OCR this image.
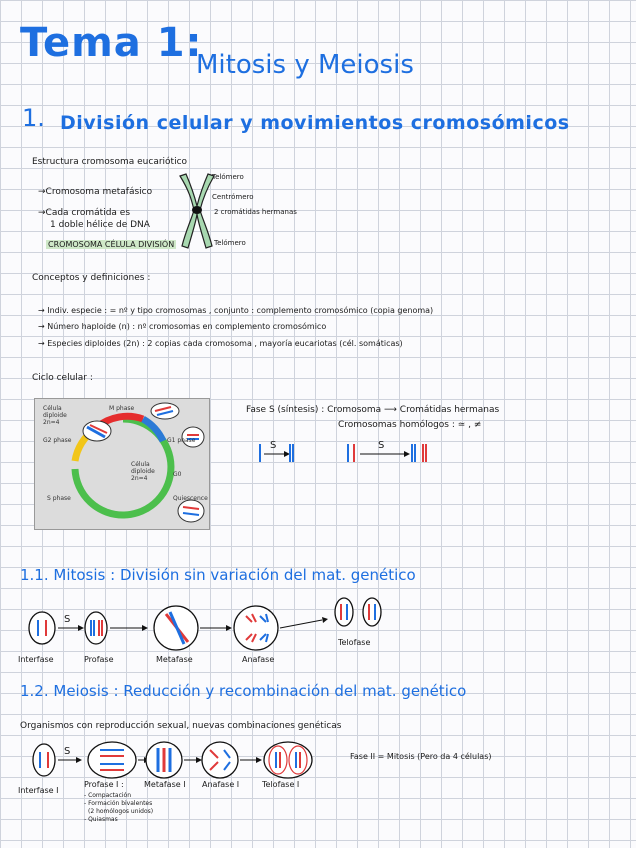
Tema 1:
Mitosis y Meiosis
1. División celular y movimientos cromosómicos
Estructura cromosoma eucariótico
→Cromosoma metafásico
→Cada cromátida es
1 doble hélice de DNA
CROMOSOMA CÉLULA DIVISIÓN
Telómero
Centrómero
2 cromátidas hermanas
Telómero
Conceptos y definiciones :
→ Indiv. especie : = nº y tipo cromosomas , conjunto : complemento cromosómico (copia genoma)
→ Número haploide (n) : nº cromosomas en complemento cromosómico
→ Especies diploides (2n) : 2 copias cada cromosoma , mayoría eucariotas (cél. somáticas)
Ciclo celular :
Célula
diploide
2n=4
M phase
G2 phase	G1 phase
Célula
diploide
2n=4
G0
S phase	Quiescence
Fase S (síntesis) : Cromosoma ⟶ Cromátidas hermanas
Cromosomas homólogos : ≃ , ≠
S	S
1.1. Mitosis : División sin variación del mat. genético
S
Interfase	Profase	Metafase	Anafase
Telofase
1.2. Meiosis : Reducción y recombinación del mat. genético
Organismos con reproducción sexual, nuevas combinaciones genéticas
S
Interfase I
Profase I :	Metafase I Anafase I	Telofase I
- Compactación
- Formación bivalentes
(2 homólogos unidos)
- Quiasmas
Fase II = Mitosis (Pero da 4 células)
